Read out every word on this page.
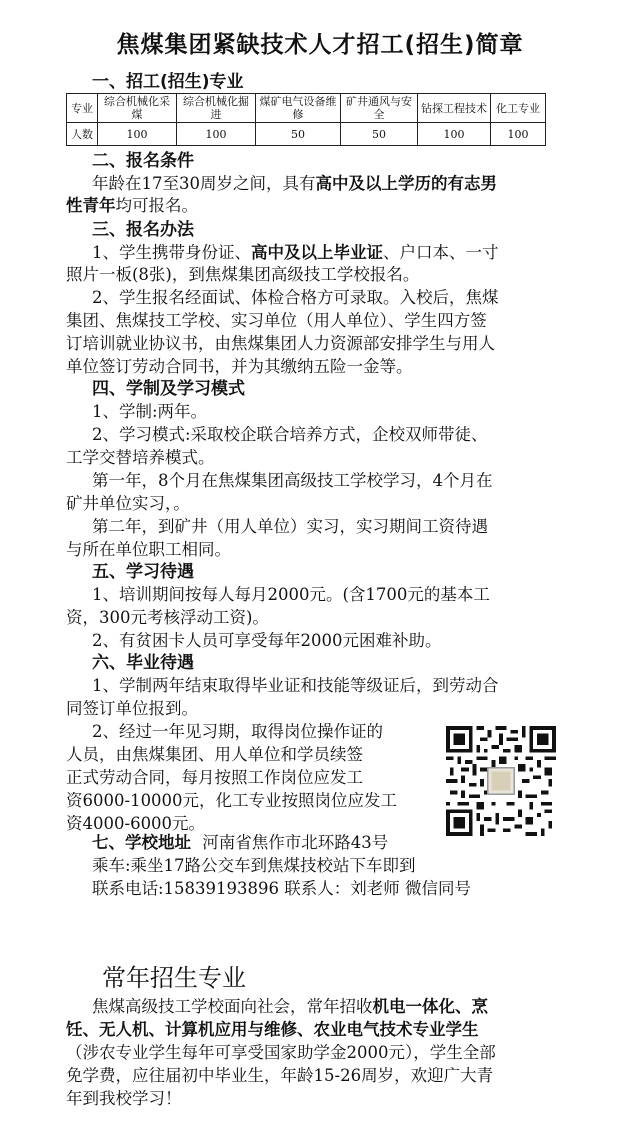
焦煤集团紧缺技术人才招工(招生)简章
一、招工(招生)专业
专业	综合机械化采煤	综合机械化掘进	煤矿电气设备维修	矿井通风与安全	钻探工程技术	化工专业
人数	100	100	50	50	100	100
二、报名条件
年龄在17至30周岁之间，具有高中及以上学历的有志男
性青年均可报名。
三、报名办法
1、学生携带身份证、高中及以上毕业证、户口本、一寸
照片一板(8张)，到焦煤集团高级技工学校报名。
2、学生报名经面试、体检合格方可录取。入校后，焦煤
集团、焦煤技工学校、实习单位（用人单位）、学生四方签
订培训就业协议书，由焦煤集团人力资源部安排学生与用人
单位签订劳动合同书，并为其缴纳五险一金等。
四、学制及学习模式
1、学制:两年。
2、学习模式:采取校企联合培养方式，企校双师带徒、
工学交替培养模式。
第一年，8个月在焦煤集团高级技工学校学习，4个月在
矿井单位实习，。
第二年，到矿井（用人单位）实习，实习期间工资待遇
与所在单位职工相同。
五、学习待遇
1、培训期间按每人每月2000元。(含1700元的基本工
资，300元考核浮动工资)。
2、有贫困卡人员可享受每年2000元困难补助。
六、毕业待遇
1、学制两年结束取得毕业证和技能等级证后，到劳动合
同签订单位报到。
2、经过一年见习期，取得岗位操作证的
人员，由焦煤集团、用人单位和学员续签
正式劳动合同，每月按照工作岗位应发工
资6000-10000元，化工专业按照岗位应发工
资4000-6000元。
七、学校地址 河南省焦作市北环路43号
乘车:乘坐17路公交车到焦煤技校站下车即到
联系电话:15839193896 联系人：刘老师 微信同号
常年招生专业
焦煤高级技工学校面向社会，常年招收机电一体化、烹
饪、无人机、计算机应用与维修、农业电气技术专业学生
（涉农专业学生每年可享受国家助学金2000元），学生全部
免学费，应往届初中毕业生，年龄15-26周岁，欢迎广大青
年到我校学习！
